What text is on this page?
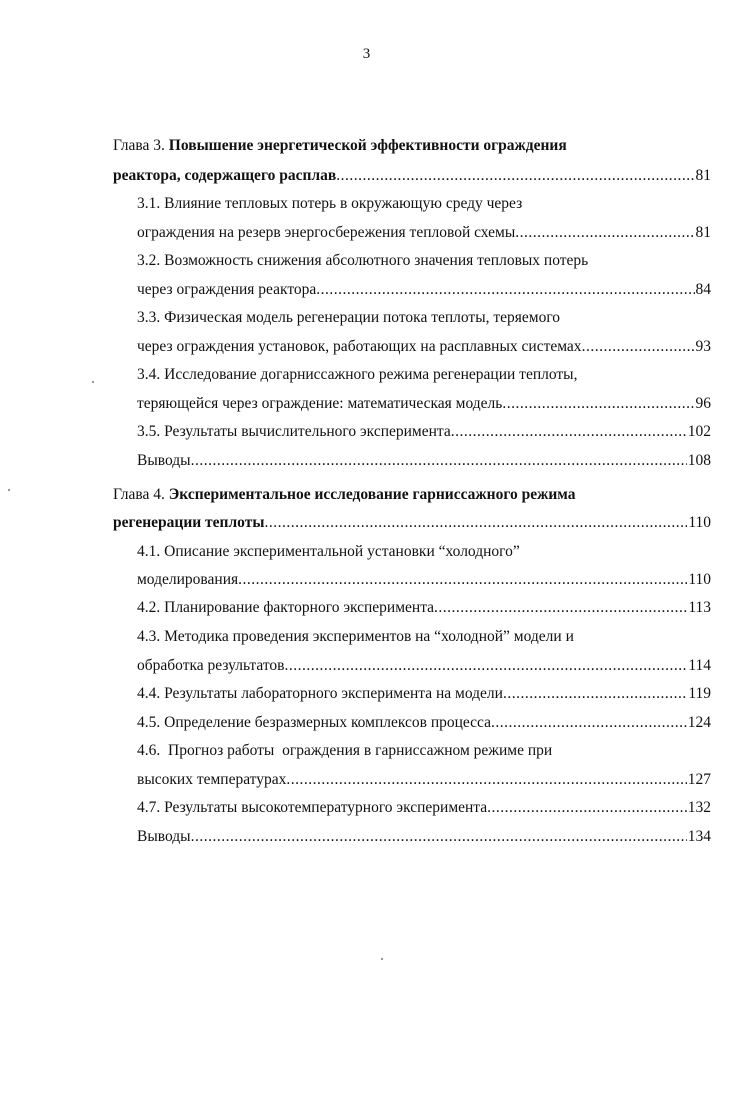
3
Глава 3. Повышение энергетической эффективности ограждения
реактора, содержащего расплав .....	81
3.1. Влияние тепловых потерь в окружающую среду через
ограждения на резерв энергосбережения тепловой схемы .....	81
3.2. Возможность снижения абсолютного значения тепловых потерь
через ограждения реактора .....	84
3.3. Физическая модель регенерации потока теплоты, теряемого
через ограждения установок, работающих на расплавных системах .....	93
3.4. Исследование догарниссажного режима регенерации теплоты,
теряющейся через ограждение: математическая модель .....	96
3.5. Результаты вычислительного эксперимента .....	102
Выводы .....	108
Глава 4. Экспериментальное исследование гарниссажного режима
регенерации теплоты .....	110
4.1. Описание экспериментальной установки “холодного”
моделирования .....	110
4.2. Планирование факторного эксперимента .....	113
4.3. Методика проведения экспериментов на “холодной” модели и
обработка результатов .....	114
4.4. Результаты лабораторного эксперимента на модели .....	119
4.5. Определение безразмерных комплексов процесса .....	124
4.6.  Прогноз работы  ограждения в гарниссажном режиме при
высоких температурах .....	127
4.7. Результаты высокотемпературного эксперимента .....	132
Выводы .....	134
